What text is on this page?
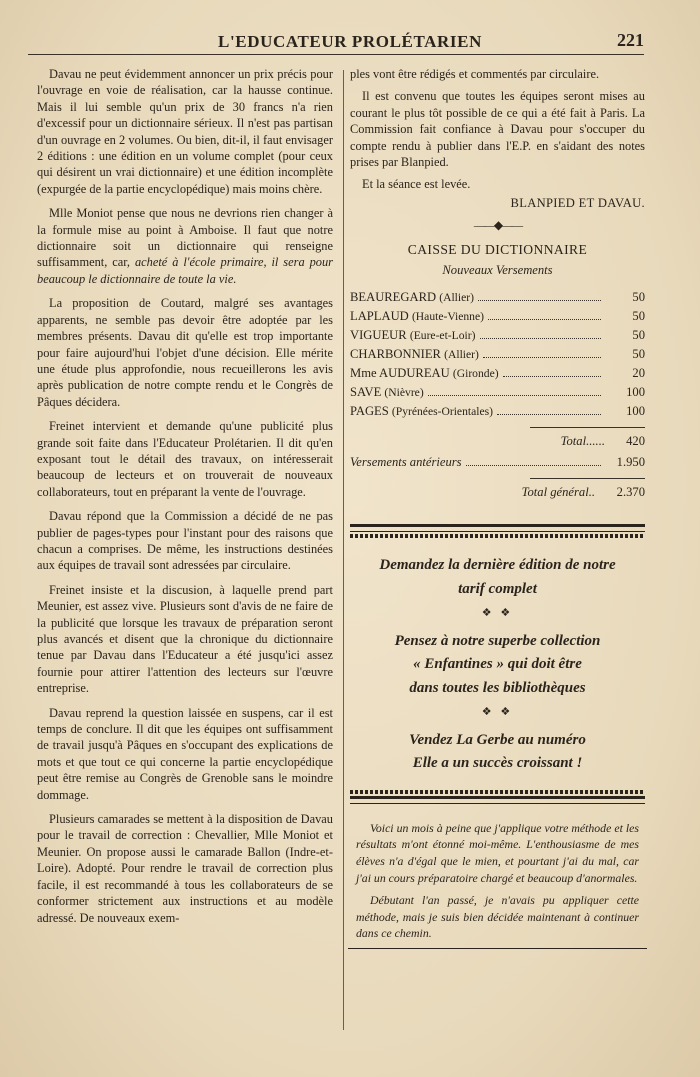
L'EDUCATEUR PROLÉTARIEN	221

Davau ne peut évidemment annoncer un prix précis pour l'ouvrage en voie de réalisation, car la hausse continue. Mais il lui semble qu'un prix de 30 francs n'a rien d'excessif pour un dictionnaire sérieux. Il n'est pas partisan d'un ouvrage en 2 volumes. Ou bien, dit-il, il faut envisager 2 éditions : une édition en un volume complet (pour ceux qui désirent un vrai dictionnaire) et une édition incomplète (expurgée de la partie encyclopédique) mais moins chère.

Mlle Moniot pense que nous ne devrions rien changer à la formule mise au point à Amboise. Il faut que notre dictionnaire soit un dictionnaire qui renseigne suffisamment, car, acheté à l'école primaire, il sera pour beaucoup le dictionnaire de toute la vie.

La proposition de Coutard, malgré ses avantages apparents, ne semble pas devoir être adoptée par les membres présents. Davau dit qu'elle est trop importante pour faire aujourd'hui l'objet d'une décision. Elle mérite une étude plus approfondie, nous recueillerons les avis après publication de notre compte rendu et le Congrès de Pâques décidera.

Freinet intervient et demande qu'une publicité plus grande soit faite dans l'Educateur Prolétarien. Il dit qu'en exposant tout le détail des travaux, on intéresserait beaucoup de lecteurs et on trouverait de nouveaux collaborateurs, tout en préparant la vente de l'ouvrage.

Davau répond que la Commission a décidé de ne pas publier de pages-types pour l'instant pour des raisons que chacun a comprises. De même, les instructions destinées aux équipes de travail sont adressées par circulaire.

Freinet insiste et la discusion, à laquelle prend part Meunier, est assez vive. Plusieurs sont d'avis de ne faire de la publicité que lorsque les travaux de préparation seront plus avancés et disent que la chronique du dictionnaire tenue par Davau dans l'Educateur a été jusqu'ici assez fournie pour attirer l'attention des lecteurs sur l'œuvre entreprise.

Davau reprend la question laissée en suspens, car il est temps de conclure. Il dit que les équipes ont suffisamment de travail jusqu'à Pâques en s'occupant des explications de mots et que tout ce qui concerne la partie encyclopédique peut être remise au Congrès de Grenoble sans le moindre dommage.

Plusieurs camarades se mettent à la disposition de Davau pour le travail de correction : Chevallier, Mlle Moniot et Meunier. On propose aussi le camarade Ballon (Indre-et-Loire). Adopté. Pour rendre le travail de correction plus facile, il est recommandé à tous les collaborateurs de se conformer strictement aux instructions et au modèle adressé. De nouveaux exem-

ples vont être rédigés et commentés par circulaire.

Il est convenu que toutes les équipes seront mises au courant le plus tôt possible de ce qui a été fait à Paris. La Commission fait confiance à Davau pour s'occuper du compte rendu à publier dans l'E.P. en s'aidant des notes prises par Blanpied.

Et la séance est levée.

BLANPIED ET DAVAU.
——◆——
CAISSE DU DICTIONNAIRE
Nouveaux Versements
BEAUREGARD (Allier)	50
LAPLAUD (Haute-Vienne)	50
VIGUEUR (Eure-et-Loir)	50
CHARBONNIER (Allier)	50
Mme AUDUREAU (Gironde)	20
SAVE (Nièvre)	100
PAGES (Pyrénées-Orientales)	100
Total......	420
Versements antérieurs	1.950
Total général..	2.370
Demandez la dernière édition de notre
tarif complet
❖ ❖
Pensez à notre superbe collection
« Enfantines » qui doit être
dans toutes les bibliothèques
❖ ❖
Vendez La Gerbe au numéro
Elle a un succès croissant !

Voici un mois à peine que j'applique votre méthode et les résultats m'ont étonné moi-même. L'enthousiasme de mes élèves n'a d'égal que le mien, et pourtant j'ai du mal, car j'ai un cours préparatoire chargé et beaucoup d'anormales.

Débutant l'an passé, je n'avais pu appliquer cette méthode, mais je suis bien décidée maintenant à continuer dans ce chemin.
